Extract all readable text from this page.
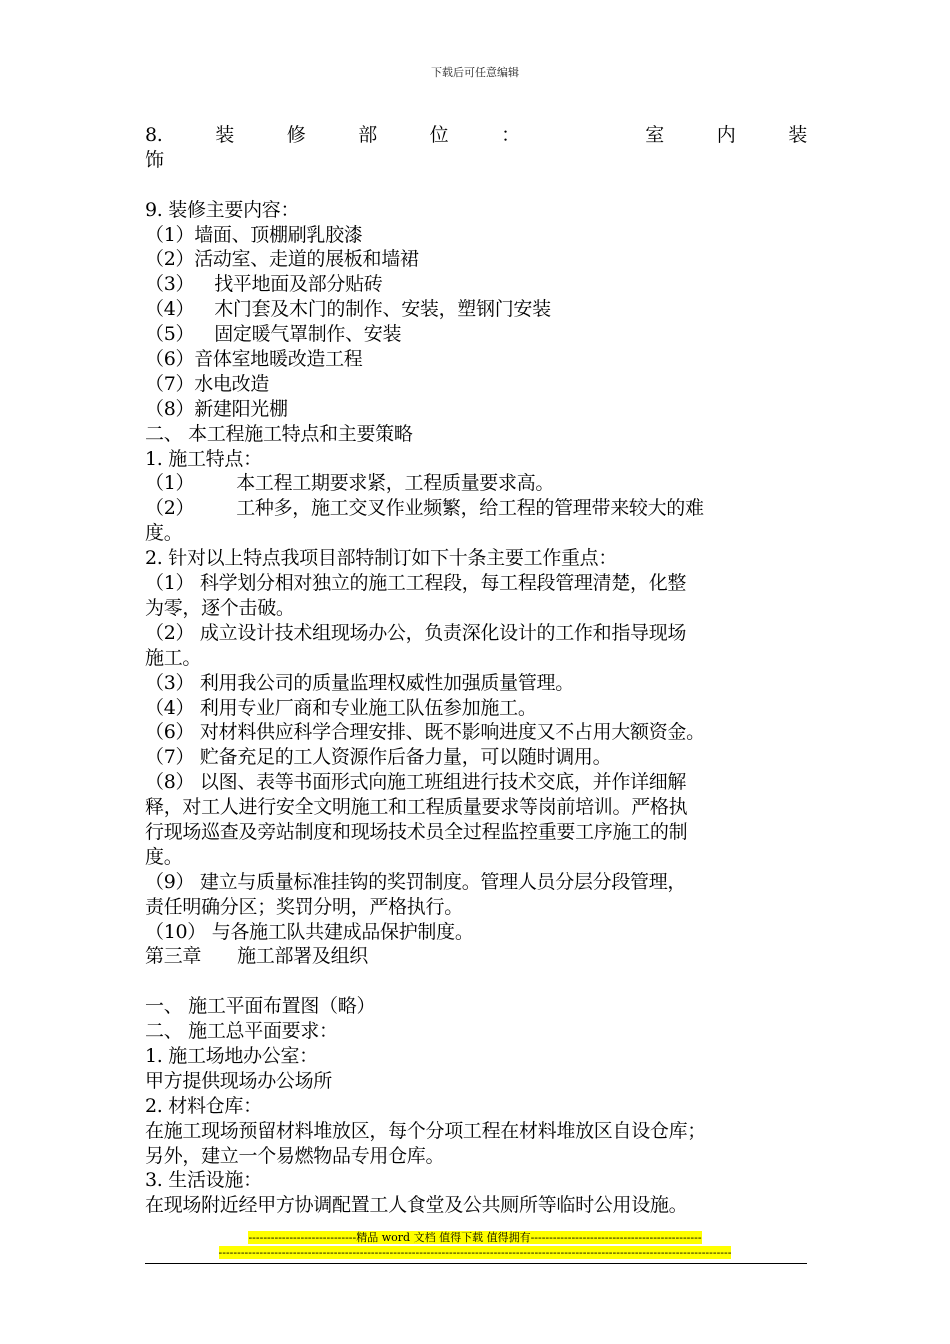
下载后可任意编辑
8.	装	修	部	位	：	室	内	装
饰
9. 装修主要内容：
（1）墙面、顶棚刷乳胶漆
（2）活动室、走道的展板和墙裙
（3） 找平地面及部分贴砖
（4） 木门套及木门的制作、安装，塑钢门安装
（5） 固定暖气罩制作、安装
（6）音体室地暖改造工程
（7）水电改造
（8）新建阳光棚
二、 本工程施工特点和主要策略
1. 施工特点：
（1） 本工程工期要求紧，工程质量要求高。
（2） 工种多，施工交叉作业频繁，给工程的管理带来较大的难
度。
2. 针对以上特点我项目部特制订如下十条主要工作重点：
（1） 科学划分相对独立的施工工程段，每工程段管理清楚，化整
为零，逐个击破。
（2） 成立设计技术组现场办公，负责深化设计的工作和指导现场
施工。
（3） 利用我公司的质量监理权威性加强质量管理。
（4） 利用专业厂商和专业施工队伍参加施工。
（6） 对材料供应科学合理安排、既不影响进度又不占用大额资金。
（7） 贮备充足的工人资源作后备力量，可以随时调用。
（8） 以图、表等书面形式向施工班组进行技术交底，并作详细解
释，对工人进行安全文明施工和工程质量要求等岗前培训。严格执
行现场巡查及旁站制度和现场技术员全过程监控重要工序施工的制
度。
（9） 建立与质量标准挂钩的奖罚制度。管理人员分层分段管理，
责任明确分区；奖罚分明，严格执行。
（10） 与各施工队共建成品保护制度。
第三章 施工部署及组织
一、 施工平面布置图（略）
二、 施工总平面要求：
1. 施工场地办公室：
甲方提供现场办公场所
2. 材料仓库：
在施工现场预留材料堆放区，每个分项工程在材料堆放区自设仓库；
另外，建立一个易燃物品专用仓库。
3. 生活设施：
在现场附近经甲方协调配置工人食堂及公共厕所等临时公用设施。
-----------------------------精品 word 文档 值得下载 值得拥有----------------------------------------------
------------------------------------------------------------------------------------------------------------------------------------------
